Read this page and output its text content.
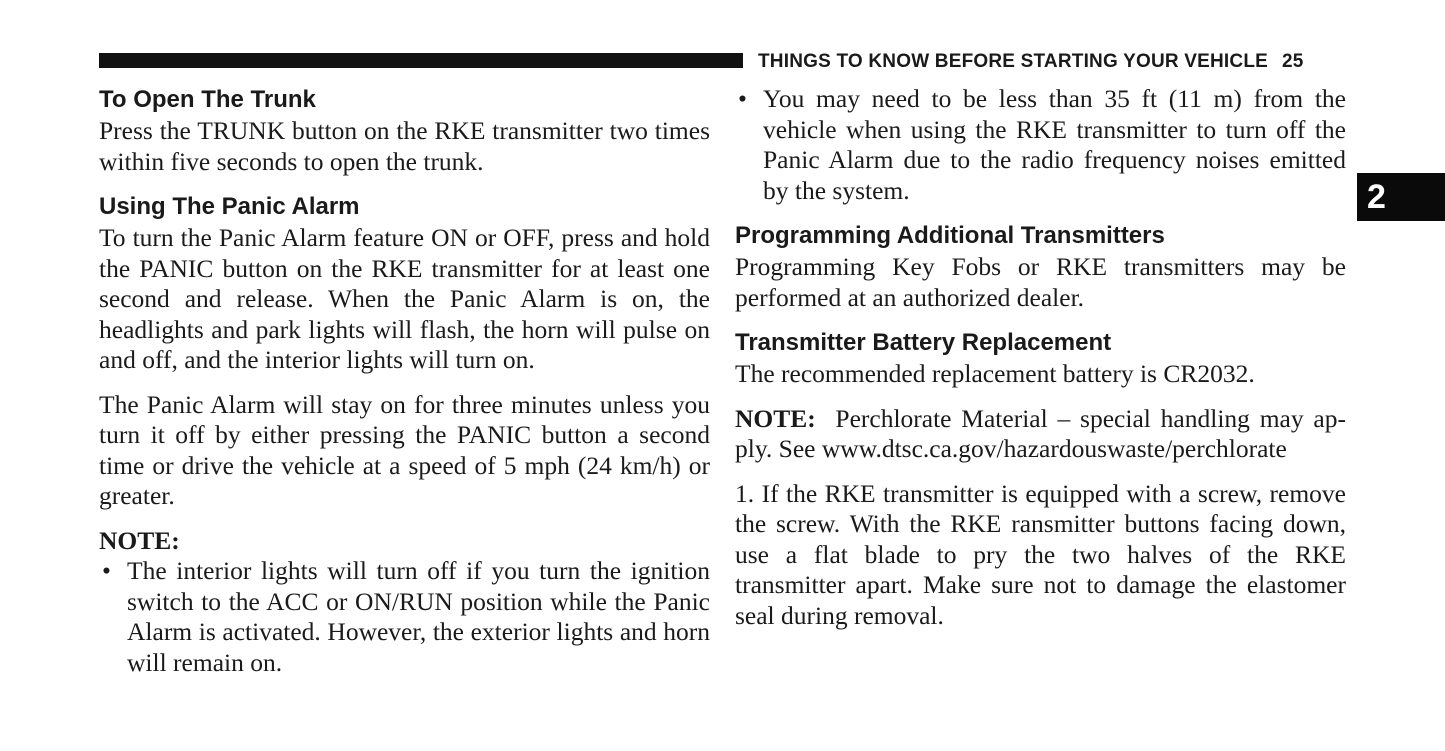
THINGS TO KNOW BEFORE STARTING YOUR VEHICLE 25
2
To Open The Trunk

Press the TRUNK button on the RKE transmitter two times within five seconds to open the trunk.

Using The Panic Alarm

To turn the Panic Alarm feature ON or OFF, press and hold the PANIC button on the RKE transmitter for at least one second and release. When the Panic Alarm is on, the headlights and park lights will flash, the horn will pulse on and off, and the interior lights will turn on.

The Panic Alarm will stay on for three minutes unless you turn it off by either pressing the PANIC button a second time or drive the vehicle at a speed of 5 mph (24 km/h) or greater.

NOTE:

• The interior lights will turn off if you turn the ignition switch to the ACC or ON/RUN position while the Panic Alarm is activated. However, the exterior lights and horn will remain on.
• You may need to be less than 35 ft (11 m) from the vehicle when using the RKE transmitter to turn off the Panic Alarm due to the radio frequency noises emitted by the system.
Programming Additional Transmitters

Programming Key Fobs or RKE transmitters may be performed at an authorized dealer.

Transmitter Battery Replacement

The recommended replacement battery is CR2032.

NOTE: Perchlorate Material – special handling may ap-ply. See www.dtsc.ca.gov/hazardouswaste/perchlorate

1. If the RKE transmitter is equipped with a screw, remove the screw. With the RKE ransmitter buttons facing down, use a flat blade to pry the two halves of the RKE transmitter apart. Make sure not to damage the elastomer seal during removal.
